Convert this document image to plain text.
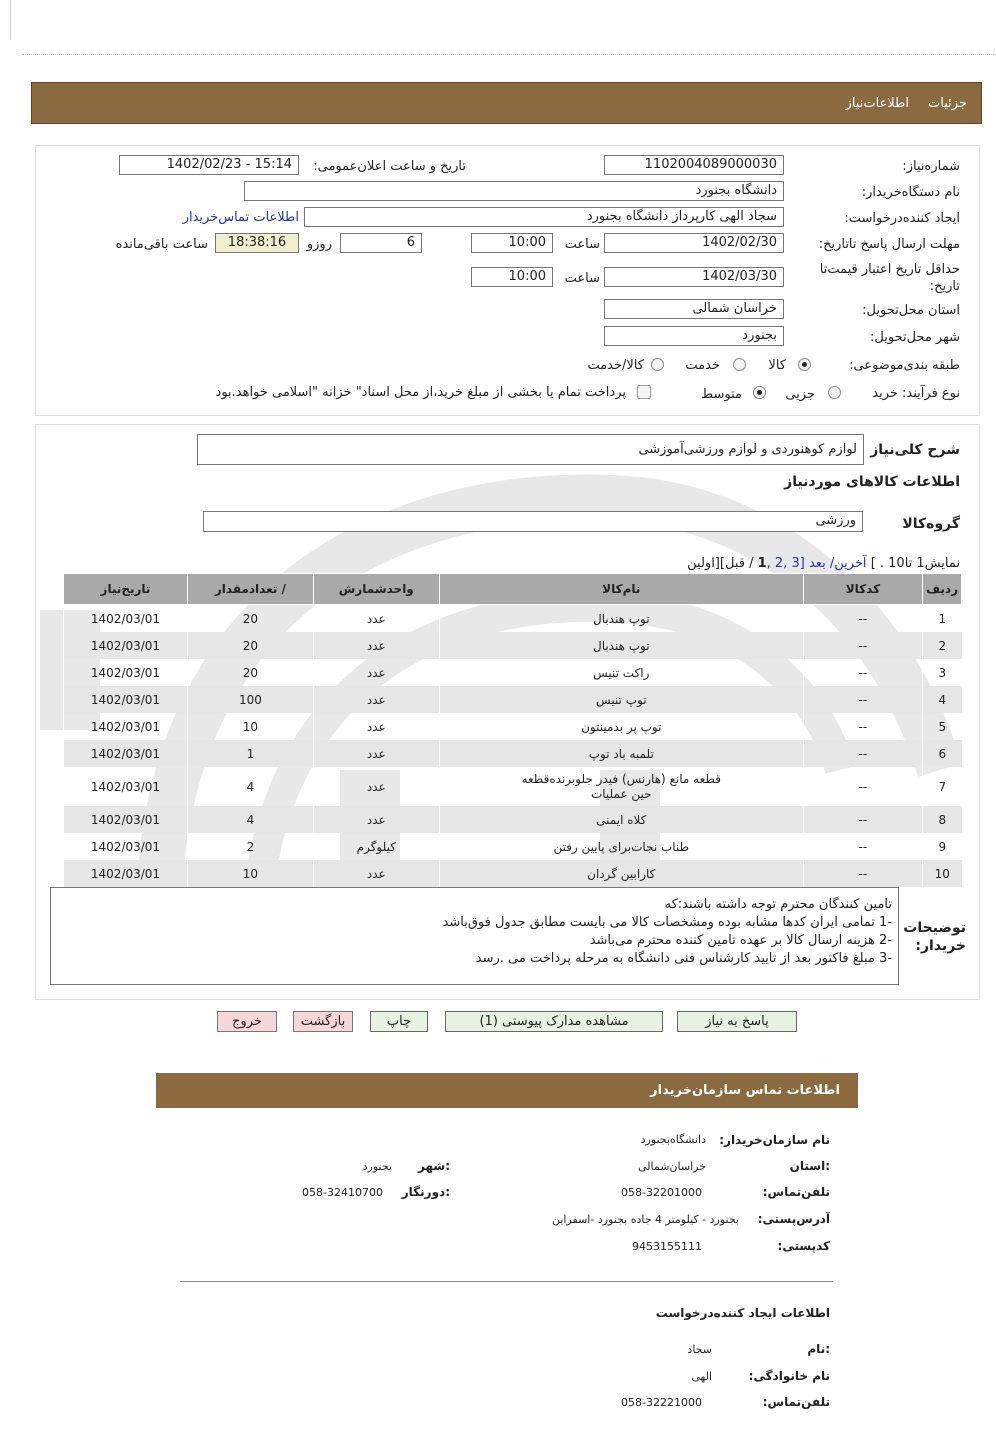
جزئیات
اطلاعات‌نیاز
شماره‌نیاز:
1102004089000030
تاریخ و ساعت اعلان‌عمومی:
1402/02/23 - 15:14
نام دستگاه‌خریدار:
دانشگاه بجنورد
ایجاد کننده‌درخواست:
سجاد الهی کارپرداز دانشگاه بجنورد
اطلاعات تماس‌خریدار
مهلت ارسال پاسخ تا‌تاریخ:
1402/02/30
ساعت
10:00
6
روزو
18:38:16
ساعت باقی‌مانده
حداقل تاریخ اعتبار قیمت‌تا
تاریخ:
1402/03/30
ساعت
10:00
استان محل‌تحویل:
خراسان شمالی
شهر محل‌تحویل:
بجنورد
طبقه بندی‌موضوعی:
کالا
خدمت
کالا/خدمت
نوع فرآیند: خرید
جزیی
متوسط
پرداخت تمام یا بخشی از مبلغ خرید،از محل اسناد" خزانه "اسلامی خواهد.بود
شرح کلی‌نیاز
لوازم کوهنوردی و لوازم ورزشی‌آموزشی
اطلاعات کالاهای موردنیاز
گروه‌کالا
ورزشی
نمایش1 تا10 . ] آخرین/ بعد [3 ,2 ,1 / قبل][اولین
ردیف	کدکالا	نام‌کالا	واحدشمارش	/ تعدادمقدار	تاریخ‌نیاز
1	--	توپ هندبال	عدد	20	1402/03/01
2	--	توپ هندبال	عدد	20	1402/03/01
3	--	راکت تنیس	عدد	20	1402/03/01
4	--	توپ تنیس	عدد	100	1402/03/01
5	--	توپ پر بدمینتون	عدد	10	1402/03/01
6	--	تلمبه باد توپ	عدد	1	1402/03/01
7	--	قطعه مانع (هارنس) فیدر جلوبرنده‌قطعه حین عملیات	عدد	4	1402/03/01
8	--	کلاه ایمنی	عدد	4	1402/03/01
9	--	طناب نجات‌برای پایین رفتن	کیلوگرم	2	1402/03/01
10	--	کارابین گردان	عدد	10	1402/03/01
توضیحات
خریدار:
تامین کنندگان محترم توجه داشته باشند:که
-1 تمامی ایران کدها مشابه بوده ومشخصات کالا می بایست مطابق جدول فوق‌باشد
-2 هزینه ارسال کالا بر عهده تامین کننده محترم می‌باشد
-3 مبلغ فاکتور بعد از تایید کارشناس فنی دانشگاه به مرحله پرداخت می .رسد
پاسخ به نیاز
مشاهده مدارک پیوستی (1)
چاپ
بازگشت
خروج
اطلاعات تماس سازمان‌خریدار
نام سازمان‌خریدار:
دانشگاه‌بجنورد
:استان
خراسان‌شمالی
:شهر
بجنورد
تلفن‌تماس:
058-32201000
:دورنگار
058-32410700
آدرس‌پستی:
بجنورد - کیلومتر 4 جاده بجنورد -اسفراین
کد‌پستی:
9453155111
اطلاعات ایجاد کننده‌درخواست
:نام
سجاد
نام خانوادگی:
الهی
تلفن‌تماس:
058-32221000
